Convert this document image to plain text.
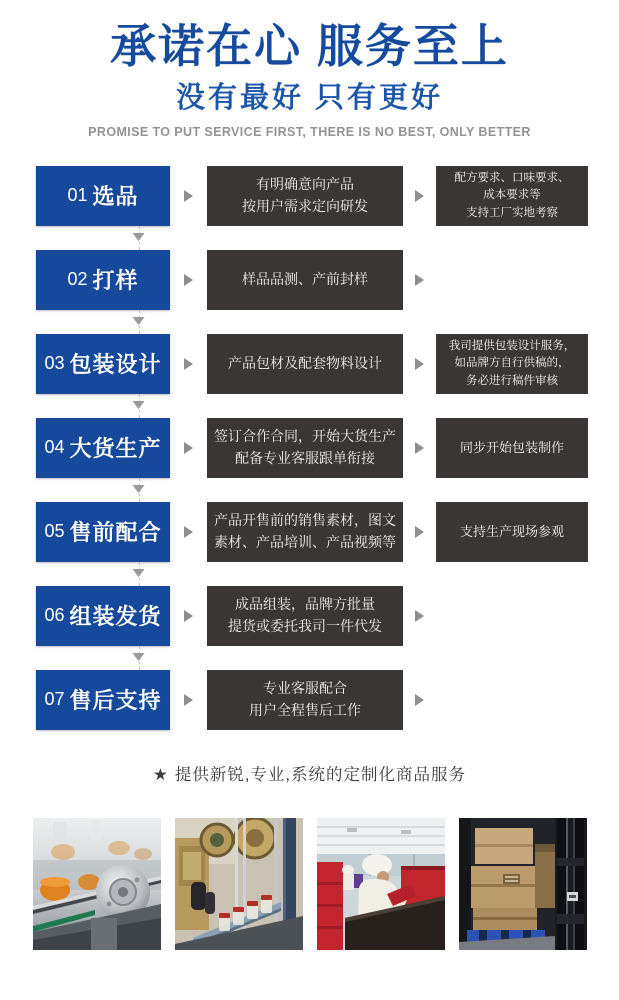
承诺在心 服务至上
没有最好 只有更好
PROMISE TO PUT SERVICE FIRST, THERE IS NO BEST, ONLY BETTER
01 选品
有明确意向产品
按用户需求定向研发
配方要求、口味要求、
成本要求等
支持工厂实地考察
02 打样	样品品测、产前封样
03 包装设计	产品包材及配套物料设计
我司提供包装设计服务，
如品牌方自行供稿的，
务必进行稿件审核
04 大货生产
签订合作合同，开始大货生产
配备专业客服跟单衔接
同步开始包装制作
05 售前配合
产品开售前的销售素材，图文
素材、产品培训、产品视频等
支持生产现场参观
06 组装发货
成品组装，品牌方批量
提货或委托我司一件代发
07 售后支持
专业客服配合
用户全程售后工作
★ 提供新锐,专业,系统的定制化商品服务
